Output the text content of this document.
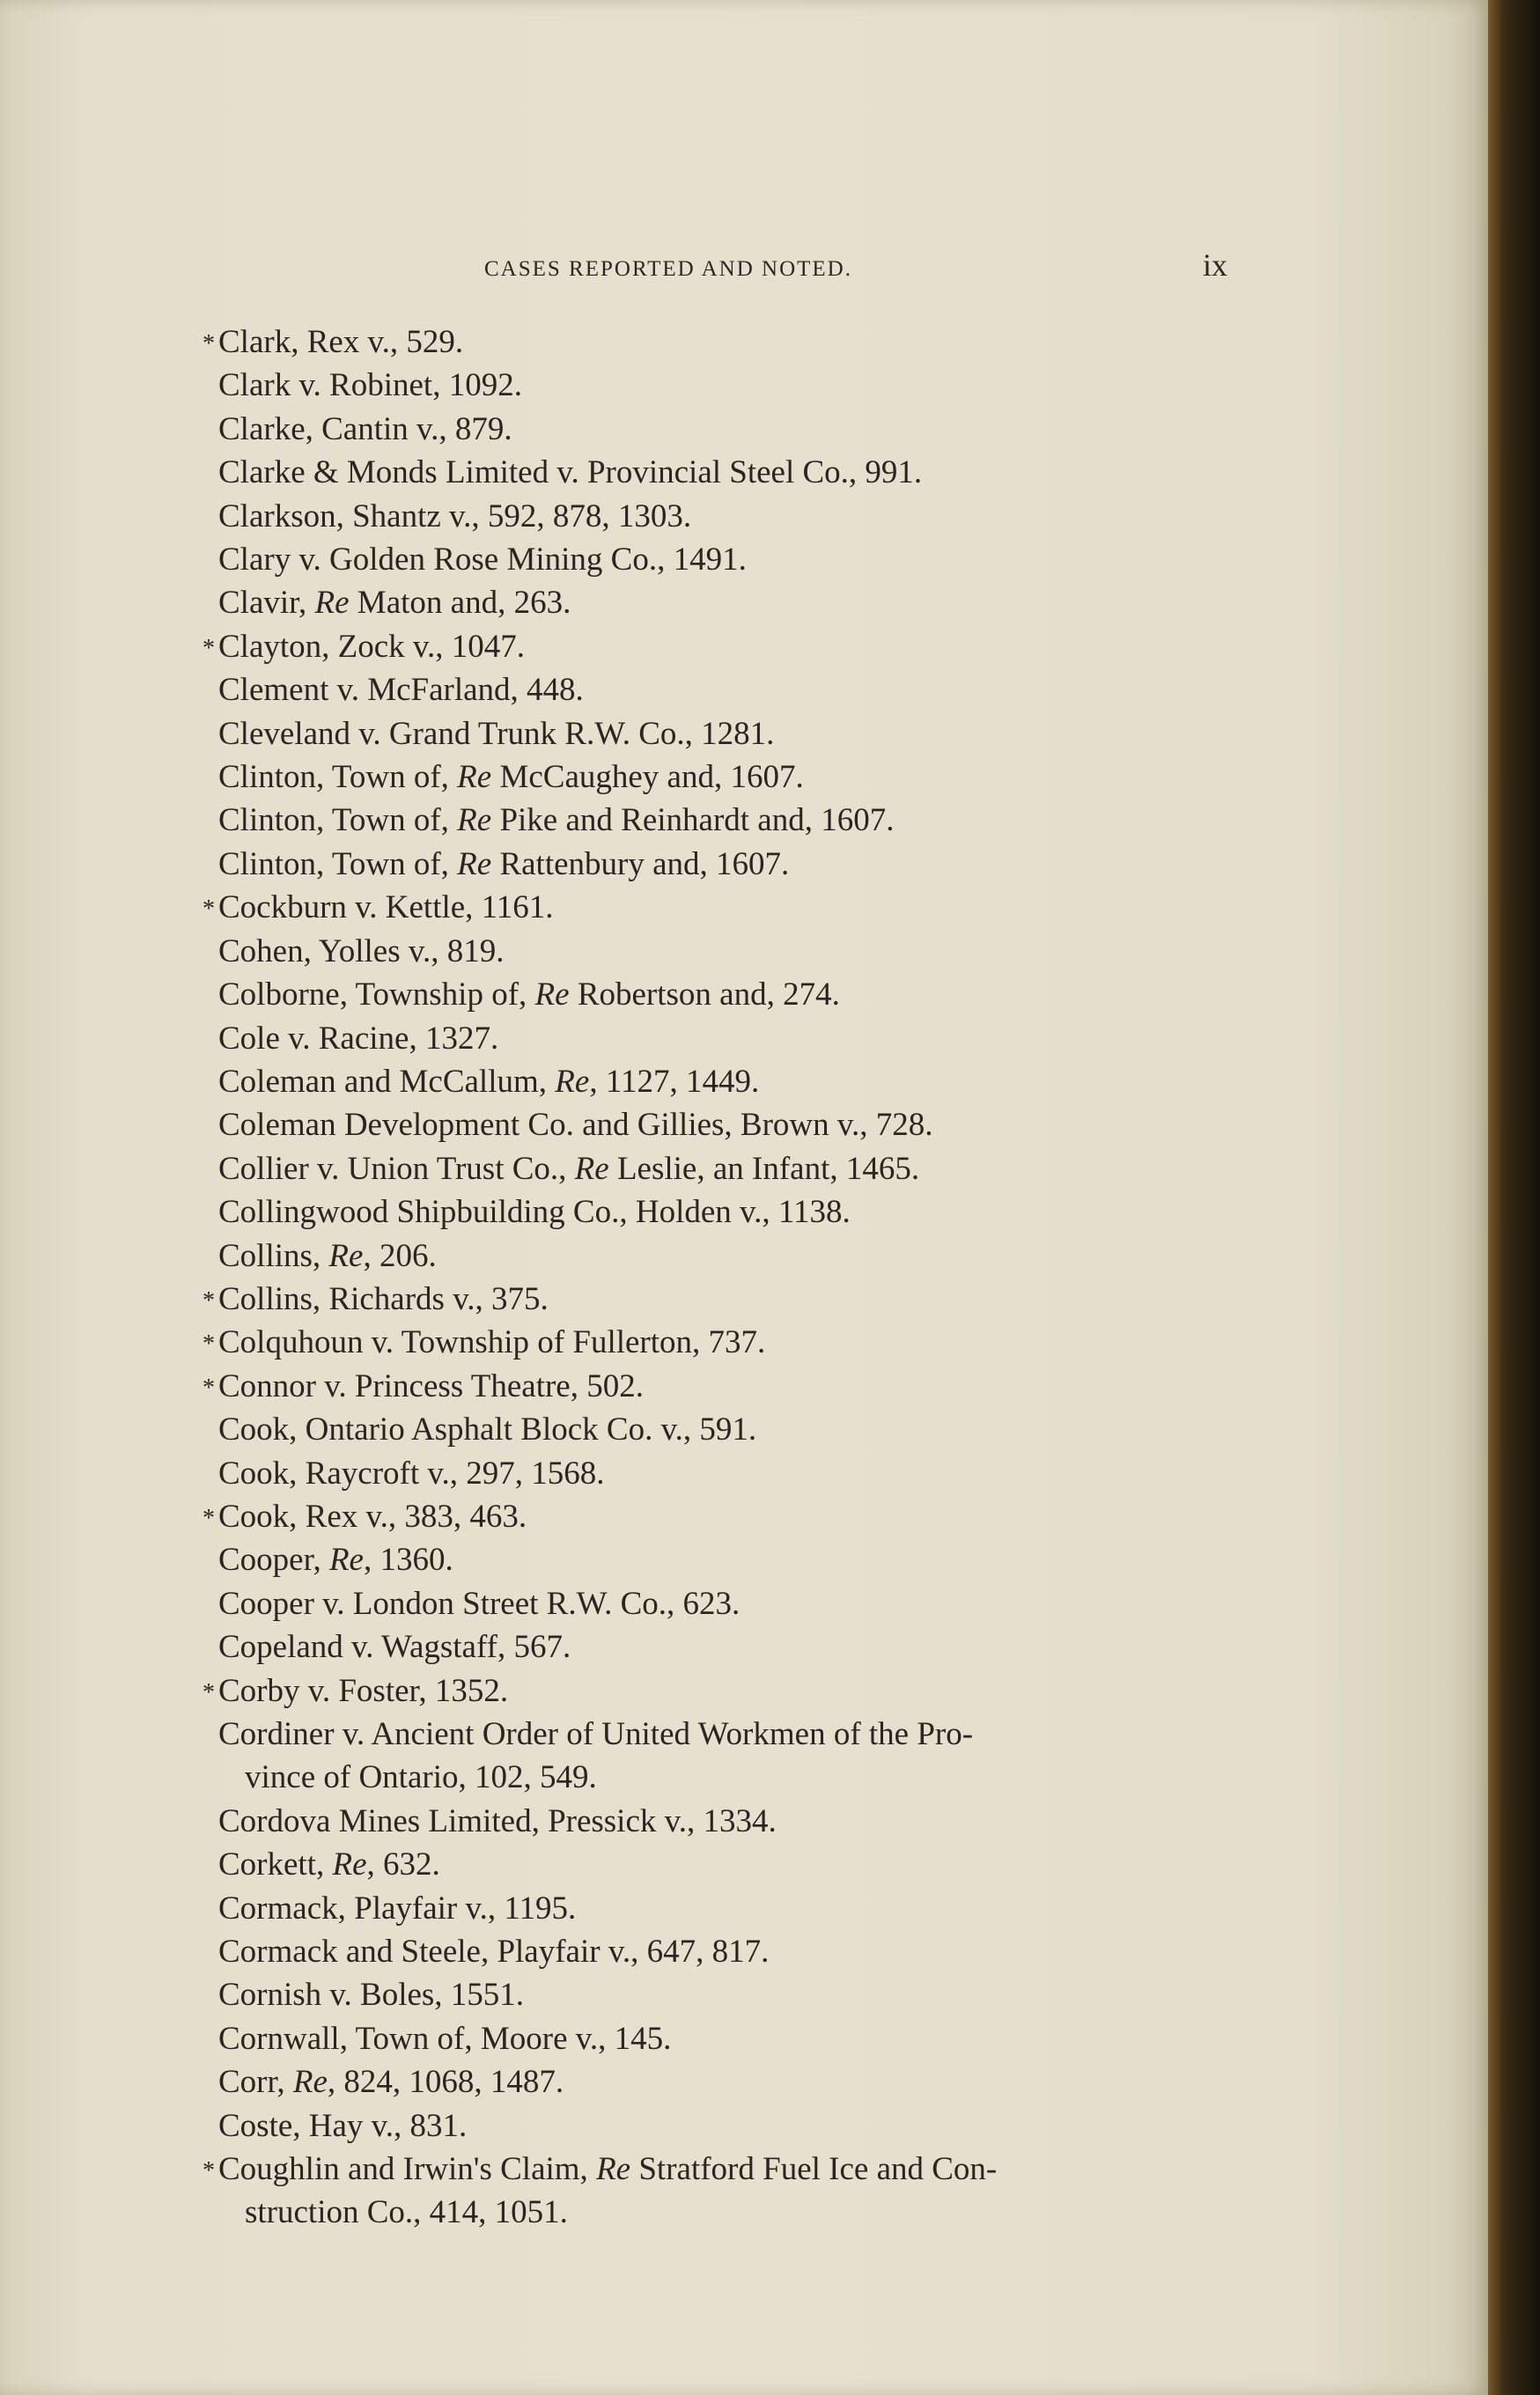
CASES REPORTED AND NOTED.	ix
* Clark, Rex v., 529.
Clark v. Robinet, 1092.
Clarke, Cantin v., 879.
Clarke & Monds Limited v. Provincial Steel Co., 991.
Clarkson, Shantz v., 592, 878, 1303.
Clary v. Golden Rose Mining Co., 1491.
Clavir, Re Maton and, 263.
* Clayton, Zock v., 1047.
Clement v. McFarland, 448.
Cleveland v. Grand Trunk R.W. Co., 1281.
Clinton, Town of, Re McCaughey and, 1607.
Clinton, Town of, Re Pike and Reinhardt and, 1607.
Clinton, Town of, Re Rattenbury and, 1607.
* Cockburn v. Kettle, 1161.
Cohen, Yolles v., 819.
Colborne, Township of, Re Robertson and, 274.
Cole v. Racine, 1327.
Coleman and McCallum, Re, 1127, 1449.
Coleman Development Co. and Gillies, Brown v., 728.
Collier v. Union Trust Co., Re Leslie, an Infant, 1465.
Collingwood Shipbuilding Co., Holden v., 1138.
Collins, Re, 206.
* Collins, Richards v., 375.
* Colquhoun v. Township of Fullerton, 737.
* Connor v. Princess Theatre, 502.
Cook, Ontario Asphalt Block Co. v., 591.
Cook, Raycroft v., 297, 1568.
* Cook, Rex v., 383, 463.
Cooper, Re, 1360.
Cooper v. London Street R.W. Co., 623.
Copeland v. Wagstaff, 567.
* Corby v. Foster, 1352.
Cordiner v. Ancient Order of United Workmen of the Pro-
vince of Ontario, 102, 549.
Cordova Mines Limited, Pressick v., 1334.
Corkett, Re, 632.
Cormack, Playfair v., 1195.
Cormack and Steele, Playfair v., 647, 817.
Cornish v. Boles, 1551.
Cornwall, Town of, Moore v., 145.
Corr, Re, 824, 1068, 1487.
Coste, Hay v., 831.
* Coughlin and Irwin's Claim, Re Stratford Fuel Ice and Con-
struction Co., 414, 1051.
